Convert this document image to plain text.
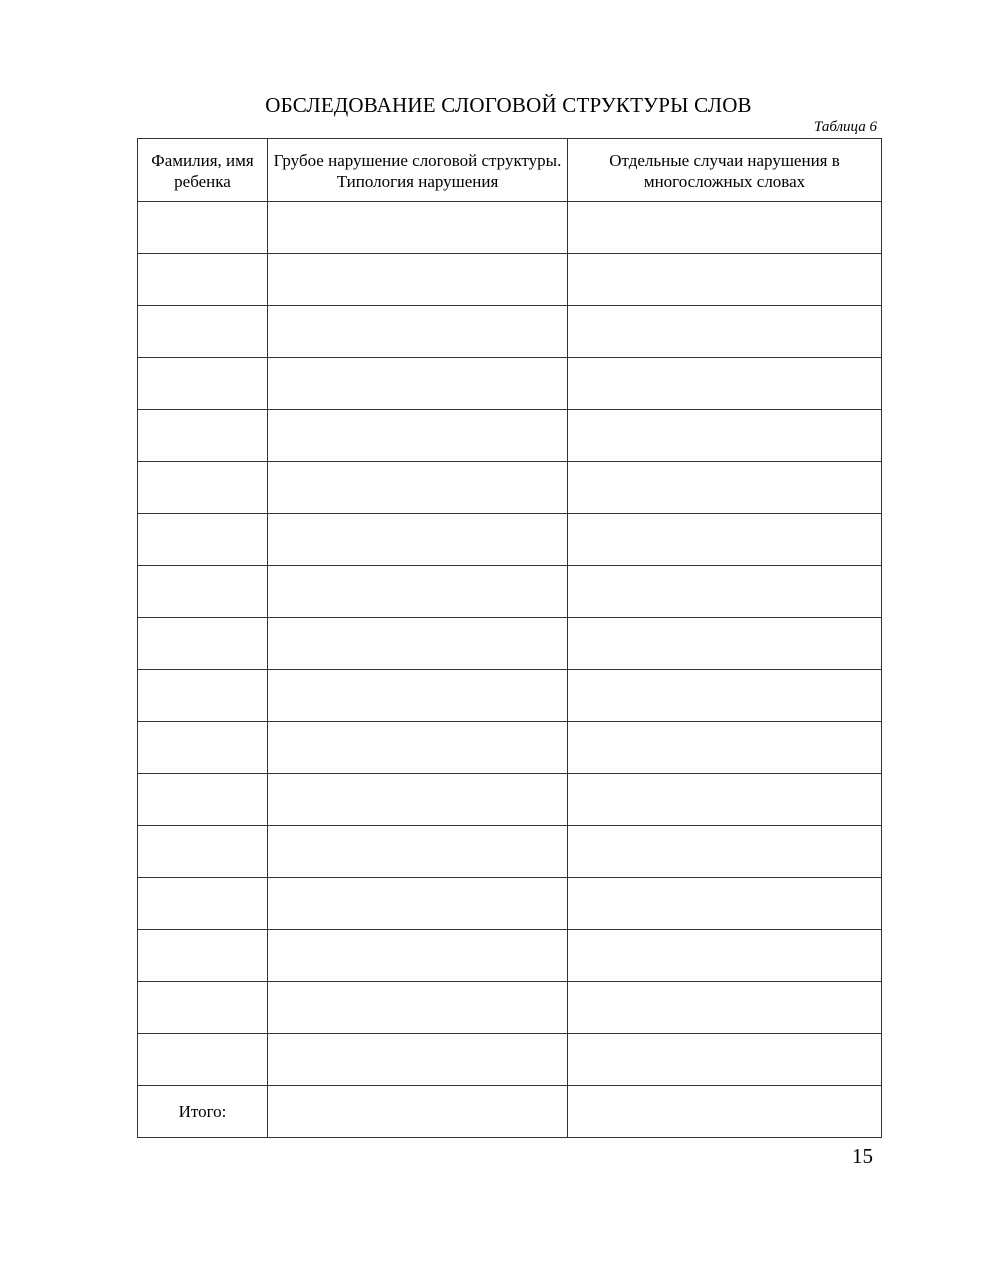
ОБСЛЕДОВАНИЕ СЛОГОВОЙ СТРУКТУРЫ СЛОВ
Таблица 6
Фамилия, имя ребенка	Грубое нарушение слоговой структуры. Типология нарушения	Отдельные случаи нарушения в многосложных словах

Итого:		
15
